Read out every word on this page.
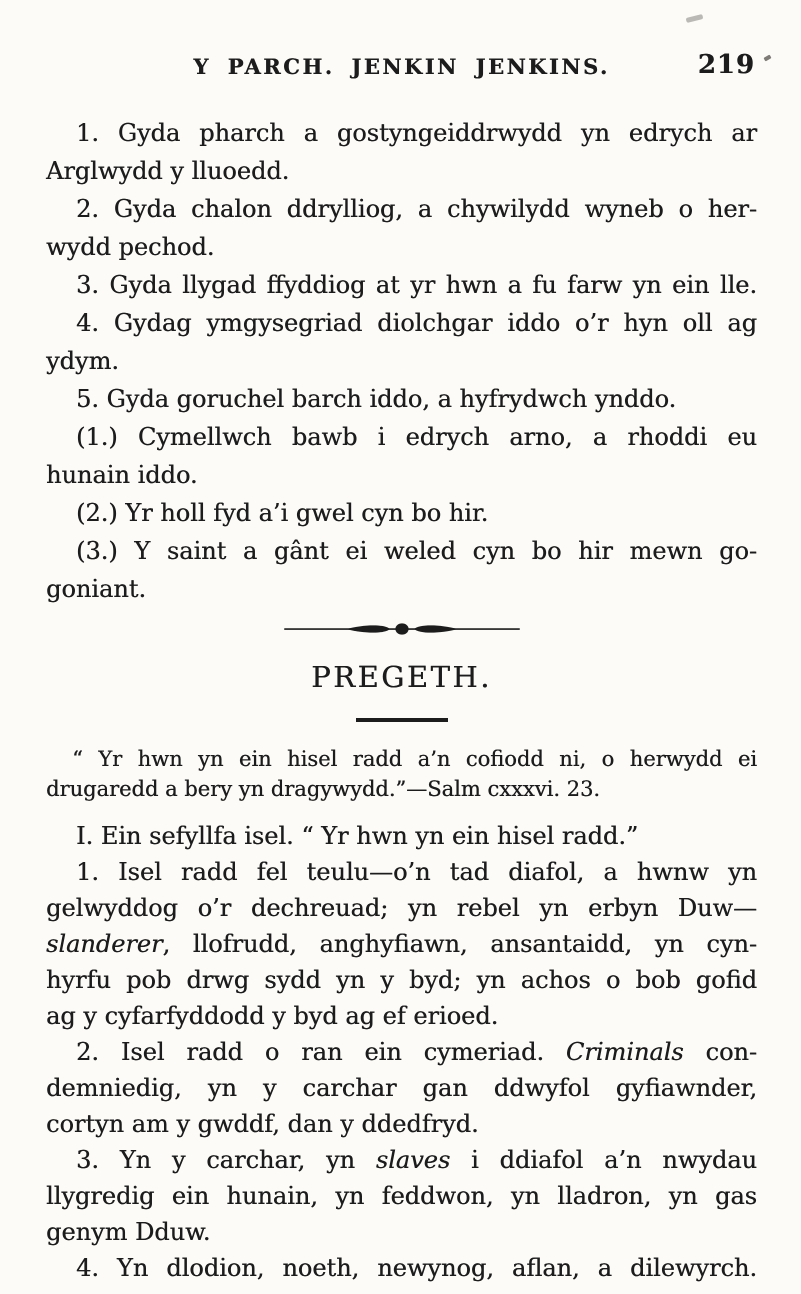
Y PARCH. JENKIN JENKINS.	219
1. Gyda pharch a gostyngeiddrwydd yn edrych ar
Arglwydd y lluoedd.
2. Gyda chalon ddrylliog, a chywilydd wyneb o her-
wydd pechod.
3. Gyda llygad ffyddiog at yr hwn a fu farw yn ein lle.
4. Gydag ymgysegriad diolchgar iddo o’r hyn oll ag
ydym.
5. Gyda goruchel barch iddo, a hyfrydwch ynddo.
(1.) Cymellwch bawb i edrych arno, a rhoddi eu
hunain iddo.
(2.) Yr holl fyd a’i gwel cyn bo hir.
(3.) Y saint a gânt ei weled cyn bo hir mewn go-
goniant.
PREGETH.
“ Yr hwn yn ein hisel radd a’n cofiodd ni, o herwydd ei
drugaredd a bery yn dragywydd.”—Salm cxxxvi. 23.
I. Ein sefyllfa isel. “ Yr hwn yn ein hisel radd.”
1. Isel radd fel teulu—o’n tad diafol, a hwnw yn
gelwyddog o’r dechreuad; yn rebel yn erbyn Duw—
slanderer, llofrudd, anghyfiawn, ansantaidd, yn cyn-
hyrfu pob drwg sydd yn y byd; yn achos o bob gofid
ag y cyfarfyddodd y byd ag ef erioed.
2. Isel radd o ran ein cymeriad. Criminals con-
demniedig, yn y carchar gan ddwyfol gyfiawnder,
cortyn am y gwddf, dan y ddedfryd.
3. Yn y carchar, yn slaves i ddiafol a’n nwydau
llygredig ein hunain, yn feddwon, yn lladron, yn gas
genym Dduw.
4. Yn dlodion, noeth, newynog, aflan, a dilewyrch.
